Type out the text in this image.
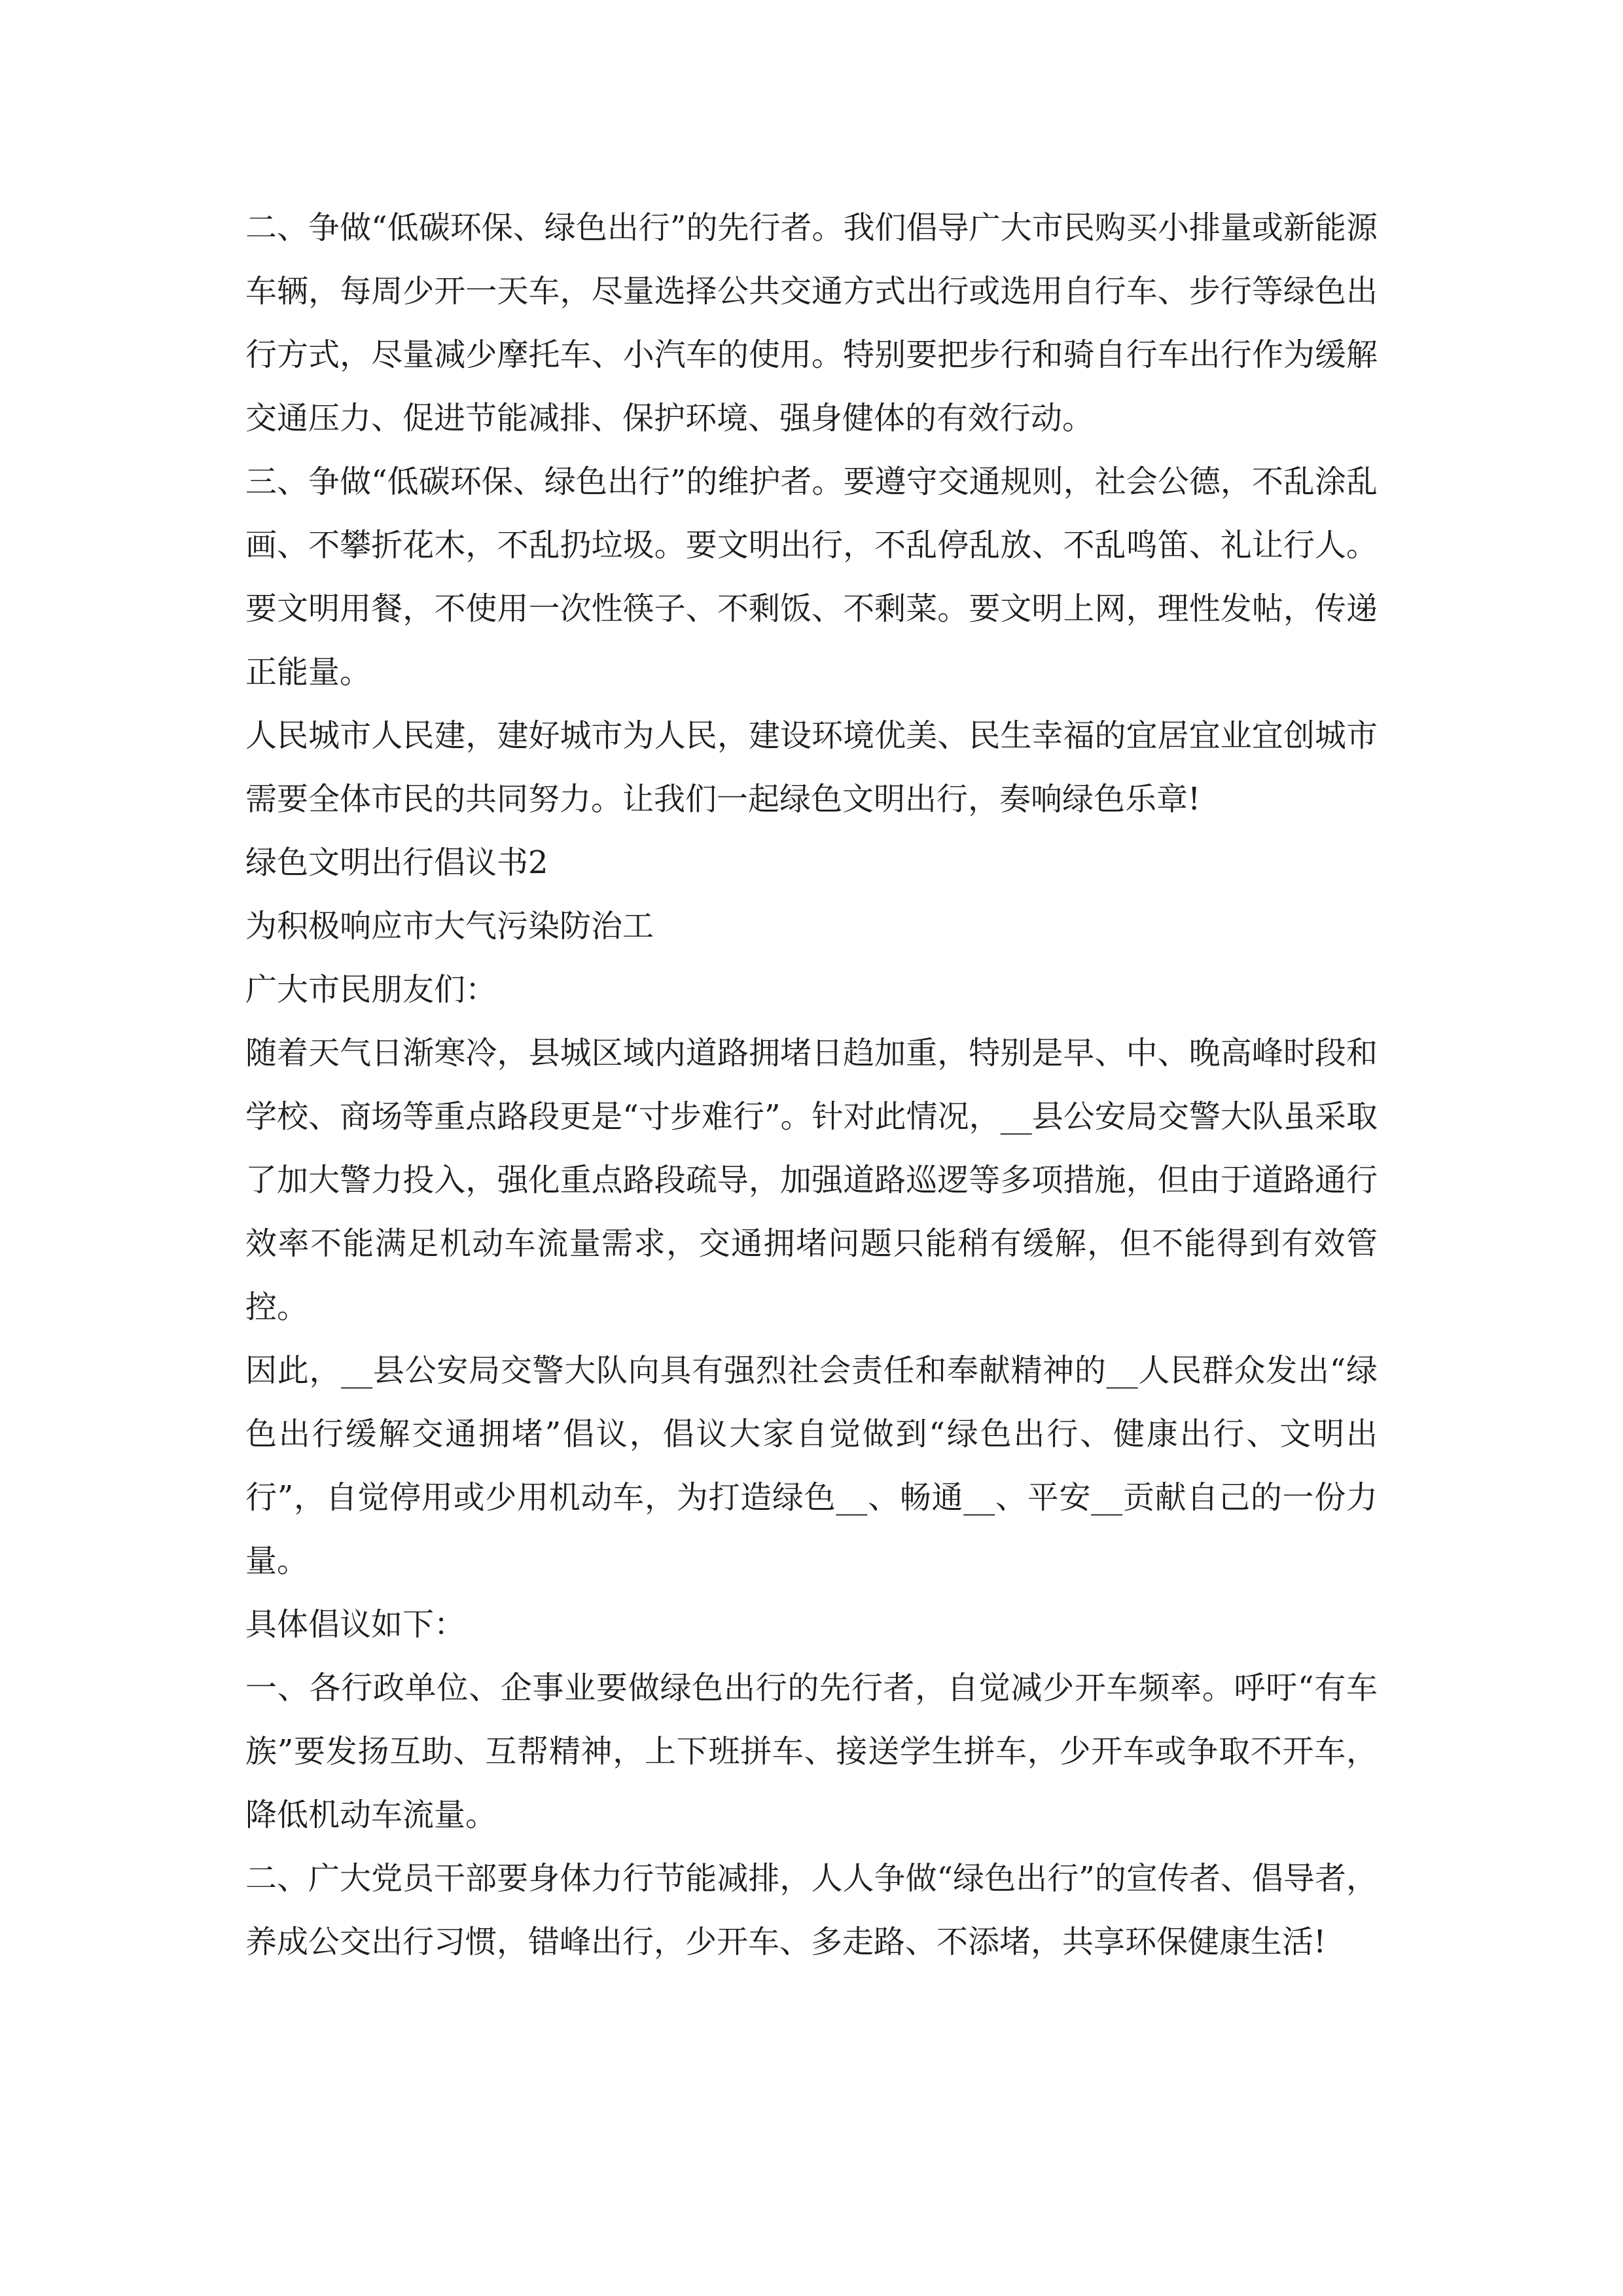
二、争做“低碳环保、绿色出行”的先行者。我们倡导广大市民购买小排量或新能源车辆，每周少开一天车，尽量选择公共交通方式出行或选用自行车、步行等绿色出行方式，尽量减少摩托车、小汽车的使用。特别要把步行和骑自行车出行作为缓解交通压力、促进节能减排、保护环境、强身健体的有效行动。

三、争做“低碳环保、绿色出行”的维护者。要遵守交通规则，社会公德，不乱涂乱画、不攀折花木，不乱扔垃圾。要文明出行，不乱停乱放、不乱鸣笛、礼让行人。要文明用餐，不使用一次性筷子、不剩饭、不剩菜。要文明上网，理性发帖，传递正能量。

人民城市人民建，建好城市为人民，建设环境优美、民生幸福的宜居宜业宜创城市需要全体市民的共同努力。让我们一起绿色文明出行，奏响绿色乐章!

绿色文明出行倡议书2

为积极响应市大气污染防治工

广大市民朋友们：

随着天气日渐寒冷，县城区域内道路拥堵日趋加重，特别是早、中、晚高峰时段和学校、商场等重点路段更是“寸步难行”。针对此情况，__县公安局交警大队虽采取了加大警力投入，强化重点路段疏导，加强道路巡逻等多项措施，但由于道路通行效率不能满足机动车流量需求，交通拥堵问题只能稍有缓解，但不能得到有效管控。

因此，__县公安局交警大队向具有强烈社会责任和奉献精神的__人民群众发出“绿色出行缓解交通拥堵”倡议，倡议大家自觉做到“绿色出行、健康出行、文明出行”，自觉停用或少用机动车，为打造绿色__、畅通__、平安__贡献自己的一份力量。

具体倡议如下：

一、各行政单位、企事业要做绿色出行的先行者，自觉减少开车频率。呼吁“有车族”要发扬互助、互帮精神，上下班拼车、接送学生拼车，少开车或争取不开车，降低机动车流量。

二、广大党员干部要身体力行节能减排，人人争做“绿色出行”的宣传者、倡导者，养成公交出行习惯，错峰出行，少开车、多走路、不添堵，共享环保健康生活!
